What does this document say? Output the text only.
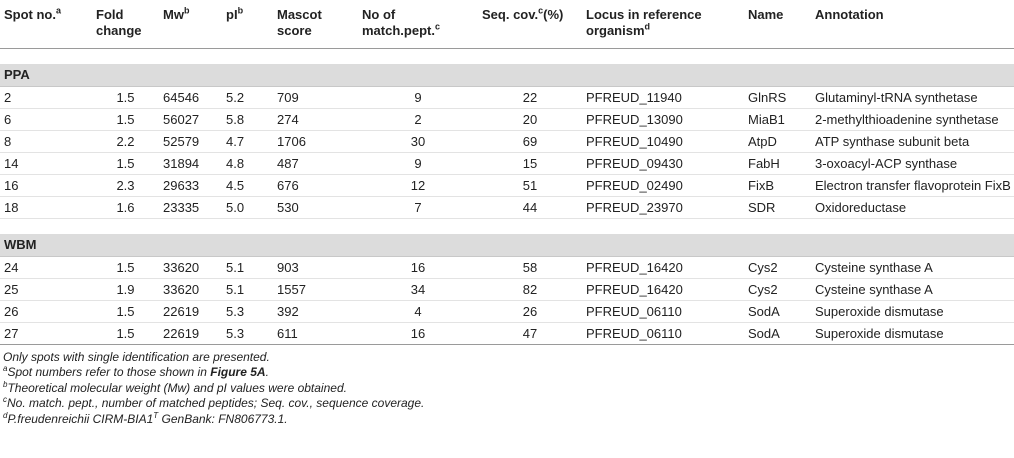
Spot no.$^a$	Fold change	Mw$^b$	$pI^b$	Mascot score	No of match.pept.$^c$	Seq. cov.$^c$(%)	Locus in reference organism$^d$	Name	Annotation

PPA									
2	1.5	64546	5.2	709	9	22	PFREUD_11940	GlnRS	Glutaminyl-tRNA synthetase
6	1.5	56027	5.8	274	2	20	PFREUD_13090	MiaB1	2-methylthioadenine synthetase
8	2.2	52579	4.7	1706	30	69	PFREUD_10490	AtpD	ATP synthase subunit beta
14	1.5	31894	4.8	487	9	15	PFREUD_09430	FabH	3-oxoacyl-ACP synthase
16	2.3	29633	4.5	676	12	51	PFREUD_02490	FixB	Electron transfer flavoprotein FixB
18	1.6	23335	5.0	530	7	44	PFREUD_23970	SDR	Oxidoreductase

WBM									
24	1.5	33620	5.1	903	16	58	PFREUD_16420	Cys2	Cysteine synthase A
25	1.9	33620	5.1	1557	34	82	PFREUD_16420	Cys2	Cysteine synthase A
26	1.5	22619	5.3	392	4	26	PFREUD_06110	SodA	Superoxide dismutase
27	1.5	22619	5.3	611	16	47	PFREUD_06110	SodA	Superoxide dismutase
Only spots with single identification are presented.
$^a$Spot numbers refer to those shown in Figure 5A.
$^b$Theoretical molecular weight (Mw) and pI values were obtained.
$^c$No. match. pept., number of matched peptides; Seq. cov., sequence coverage.
$^d$P.freudenreichii CIRM-$BIA1^T$ GenBank: FN806773.1.
